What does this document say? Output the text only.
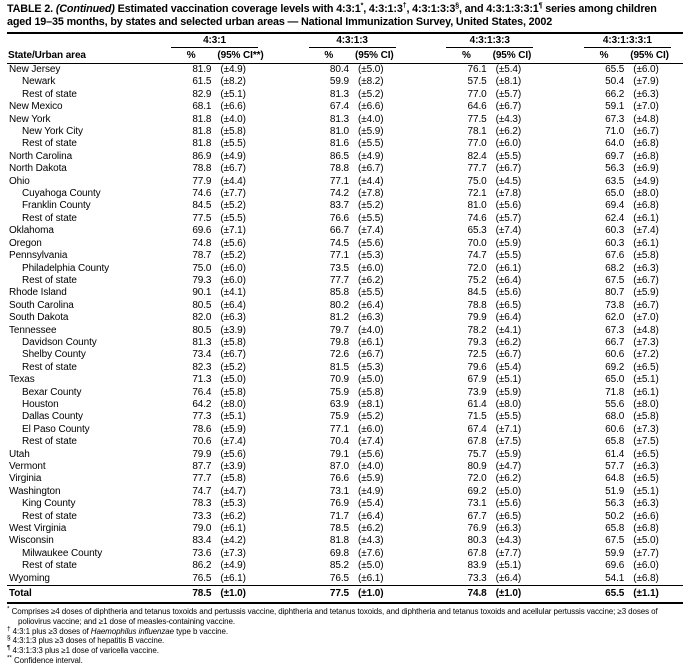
TABLE 2. (Continued) Estimated vaccination coverage levels with 4:3:1*, 4:3:1:3†, 4:3:1:3:3§, and 4:3:1:3:3:1¶ series among children aged 19–35 months, by states and selected urban areas — National Immunization Survey, United States, 2002

	4:3:1			4:3:1:3			4:3:1:3:3			4:3:1:3:3:1	

State/Urban area	%	(95% CI**)		%	(95% CI)		%	(95% CI)		%	(95% CI)
New Jersey	81.9	(±4.9)		80.4	(±5.0)		76.1	(±5.4)		65.5	(±6.0)
Newark	61.5	(±8.2)		59.9	(±8.2)		57.5	(±8.1)		50.4	(±7.9)
Rest of state	82.9	(±5.1)		81.3	(±5.2)		77.0	(±5.7)		66.2	(±6.3)
New Mexico	68.1	(±6.6)		67.4	(±6.6)		64.6	(±6.7)		59.1	(±7.0)
New York	81.8	(±4.0)		81.3	(±4.0)		77.5	(±4.3)		67.3	(±4.8)
New York City	81.8	(±5.8)		81.0	(±5.9)		78.1	(±6.2)		71.0	(±6.7)
Rest of state	81.8	(±5.5)		81.6	(±5.5)		77.0	(±6.0)		64.0	(±6.8)
North Carolina	86.9	(±4.9)		86.5	(±4.9)		82.4	(±5.5)		69.7	(±6.8)
North Dakota	78.8	(±6.7)		78.8	(±6.7)		77.7	(±6.7)		56.3	(±6.9)
Ohio	77.9	(±4.4)		77.1	(±4.4)		75.0	(±4.5)		63.5	(±4.9)
Cuyahoga County	74.6	(±7.7)		74.2	(±7.8)		72.1	(±7.8)		65.0	(±8.0)
Franklin County	84.5	(±5.2)		83.7	(±5.2)		81.0	(±5.6)		69.4	(±6.8)
Rest of state	77.5	(±5.5)		76.6	(±5.5)		74.6	(±5.7)		62.4	(±6.1)
Oklahoma	69.6	(±7.1)		66.7	(±7.4)		65.3	(±7.4)		60.3	(±7.4)
Oregon	74.8	(±5.6)		74.5	(±5.6)		70.0	(±5.9)		60.3	(±6.1)
Pennsylvania	78.7	(±5.2)		77.1	(±5.3)		74.7	(±5.5)		67.6	(±5.8)
Philadelphia County	75.0	(±6.0)		73.5	(±6.0)		72.0	(±6.1)		68.2	(±6.3)
Rest of state	79.3	(±6.0)		77.7	(±6.2)		75.2	(±6.4)		67.5	(±6.7)
Rhode Island	90.1	(±4.1)		85.8	(±5.5)		84.5	(±5.6)		80.7	(±5.9)
South Carolina	80.5	(±6.4)		80.2	(±6.4)		78.8	(±6.5)		73.8	(±6.7)
South Dakota	82.0	(±6.3)		81.2	(±6.3)		79.9	(±6.4)		62.0	(±7.0)
Tennessee	80.5	(±3.9)		79.7	(±4.0)		78.2	(±4.1)		67.3	(±4.8)
Davidson County	81.3	(±5.8)		79.8	(±6.1)		79.3	(±6.2)		66.7	(±7.3)
Shelby County	73.4	(±6.7)		72.6	(±6.7)		72.5	(±6.7)		60.6	(±7.2)
Rest of state	82.3	(±5.2)		81.5	(±5.3)		79.6	(±5.4)		69.2	(±6.5)
Texas	71.3	(±5.0)		70.9	(±5.0)		67.9	(±5.1)		65.0	(±5.1)
Bexar County	76.4	(±5.8)		75.9	(±5.8)		73.9	(±5.9)		71.8	(±6.1)
Houston	64.2	(±8.0)		63.9	(±8.1)		61.4	(±8.0)		55.6	(±8.0)
Dallas County	77.3	(±5.1)		75.9	(±5.2)		71.5	(±5.5)		68.0	(±5.8)
El Paso County	78.6	(±5.9)		77.1	(±6.0)		67.4	(±7.1)		60.6	(±7.3)
Rest of state	70.6	(±7.4)		70.4	(±7.4)		67.8	(±7.5)		65.8	(±7.5)
Utah	79.9	(±5.6)		79.1	(±5.6)		75.7	(±5.9)		61.4	(±6.5)
Vermont	87.7	(±3.9)		87.0	(±4.0)		80.9	(±4.7)		57.7	(±6.3)
Virginia	77.7	(±5.8)		76.6	(±5.9)		72.0	(±6.2)		64.8	(±6.5)
Washington	74.7	(±4.7)		73.1	(±4.9)		69.2	(±5.0)		51.9	(±5.1)
King County	78.3	(±5.3)		76.9	(±5.4)		73.1	(±5.6)		56.3	(±6.3)
Rest of state	73.3	(±6.2)		71.7	(±6.4)		67.7	(±6.5)		50.2	(±6.6)
West Virginia	79.0	(±6.1)		78.5	(±6.2)		76.9	(±6.3)		65.8	(±6.8)
Wisconsin	83.4	(±4.2)		81.8	(±4.3)		80.3	(±4.3)		67.5	(±5.0)
Milwaukee County	73.6	(±7.3)		69.8	(±7.6)		67.8	(±7.7)		59.9	(±7.7)
Rest of state	86.2	(±4.9)		85.2	(±5.0)		83.9	(±5.1)		69.6	(±6.0)
Wyoming	76.5	(±6.1)		76.5	(±6.1)		73.3	(±6.4)		54.1	(±6.8)
Total	78.5	(±1.0)		77.5	(±1.0)		74.8	(±1.0)		65.5	(±1.1)
* Comprises ≥4 doses of diphtheria and tetanus toxoids and pertussis vaccine, diphtheria and tetanus toxoids, and diphtheria and tetanus toxoids and acellular pertussis vaccine; ≥3 doses of poliovirus vaccine; and ≥1 dose of measles-containing vaccine.
† 4:3:1 plus ≥3 doses of Haemophilus influenzae type b vaccine.
§ 4:3:1:3 plus ≥3 doses of hepatitis B vaccine.
¶ 4:3:1:3:3 plus ≥1 dose of varicella vaccine.
** Confidence interval.
